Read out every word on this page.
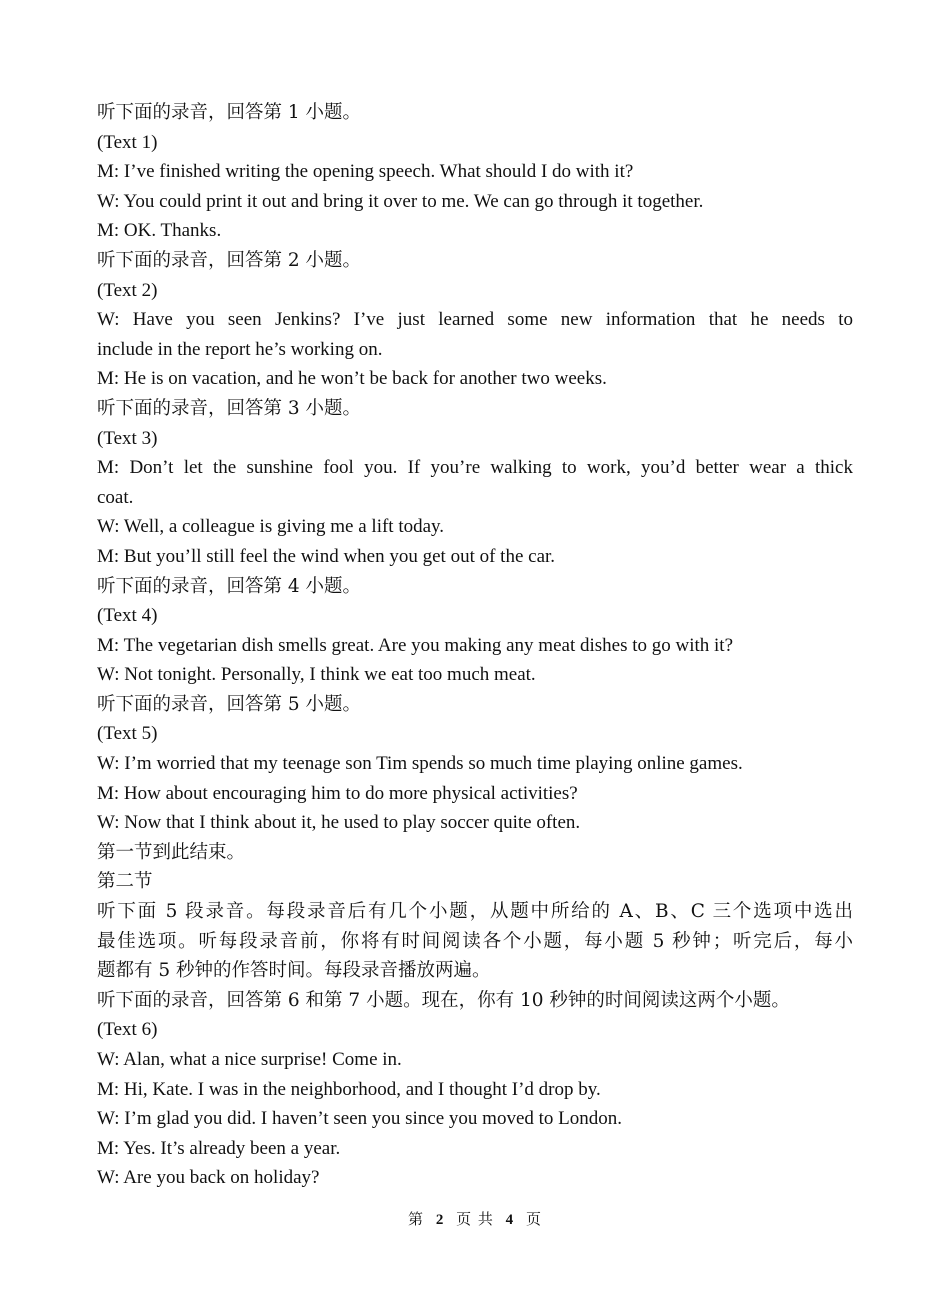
听下面的录音，回答第 1 小题。
(Text 1)
M: I’ve finished writing the opening speech. What should I do with it?
W: You could print it out and bring it over to me. We can go through it together.
M: OK. Thanks.
听下面的录音，回答第 2 小题。
(Text 2)
W: Have you seen Jenkins? I’ve just learned some new information that he needs to
include in the report he’s working on.
M: He is on vacation, and he won’t be back for another two weeks.
听下面的录音，回答第 3 小题。
(Text 3)
M: Don’t let the sunshine fool you. If you’re walking to work, you’d better wear a thick
coat.
W: Well, a colleague is giving me a lift today.
M: But you’ll still feel the wind when you get out of the car.
听下面的录音，回答第 4 小题。
(Text 4)
M: The vegetarian dish smells great. Are you making any meat dishes to go with it?
W: Not tonight. Personally, I think we eat too much meat.
听下面的录音，回答第 5 小题。
(Text 5)
W: I’m worried that my teenage son Tim spends so much time playing online games.
M: How about encouraging him to do more physical activities?
W: Now that I think about it, he used to play soccer quite often.
第一节到此结束。
第二节
听下面 5 段录音。每段录音后有几个小题，从题中所给的 A、B、C 三个选项中选出
最佳选项。听每段录音前，你将有时间阅读各个小题，每小题 5 秒钟；听完后，每小
题都有 5 秒钟的作答时间。每段录音播放两遍。
听下面的录音，回答第 6 和第 7 小题。现在，你有 10 秒钟的时间阅读这两个小题。
(Text 6)
W: Alan, what a nice surprise! Come in.
M: Hi, Kate. I was in the neighborhood, and I thought I’d drop by.
W: I’m glad you did. I haven’t seen you since you moved to London.
M: Yes. It’s already been a year.
W: Are you back on holiday?
第 2 页 共 4 页
